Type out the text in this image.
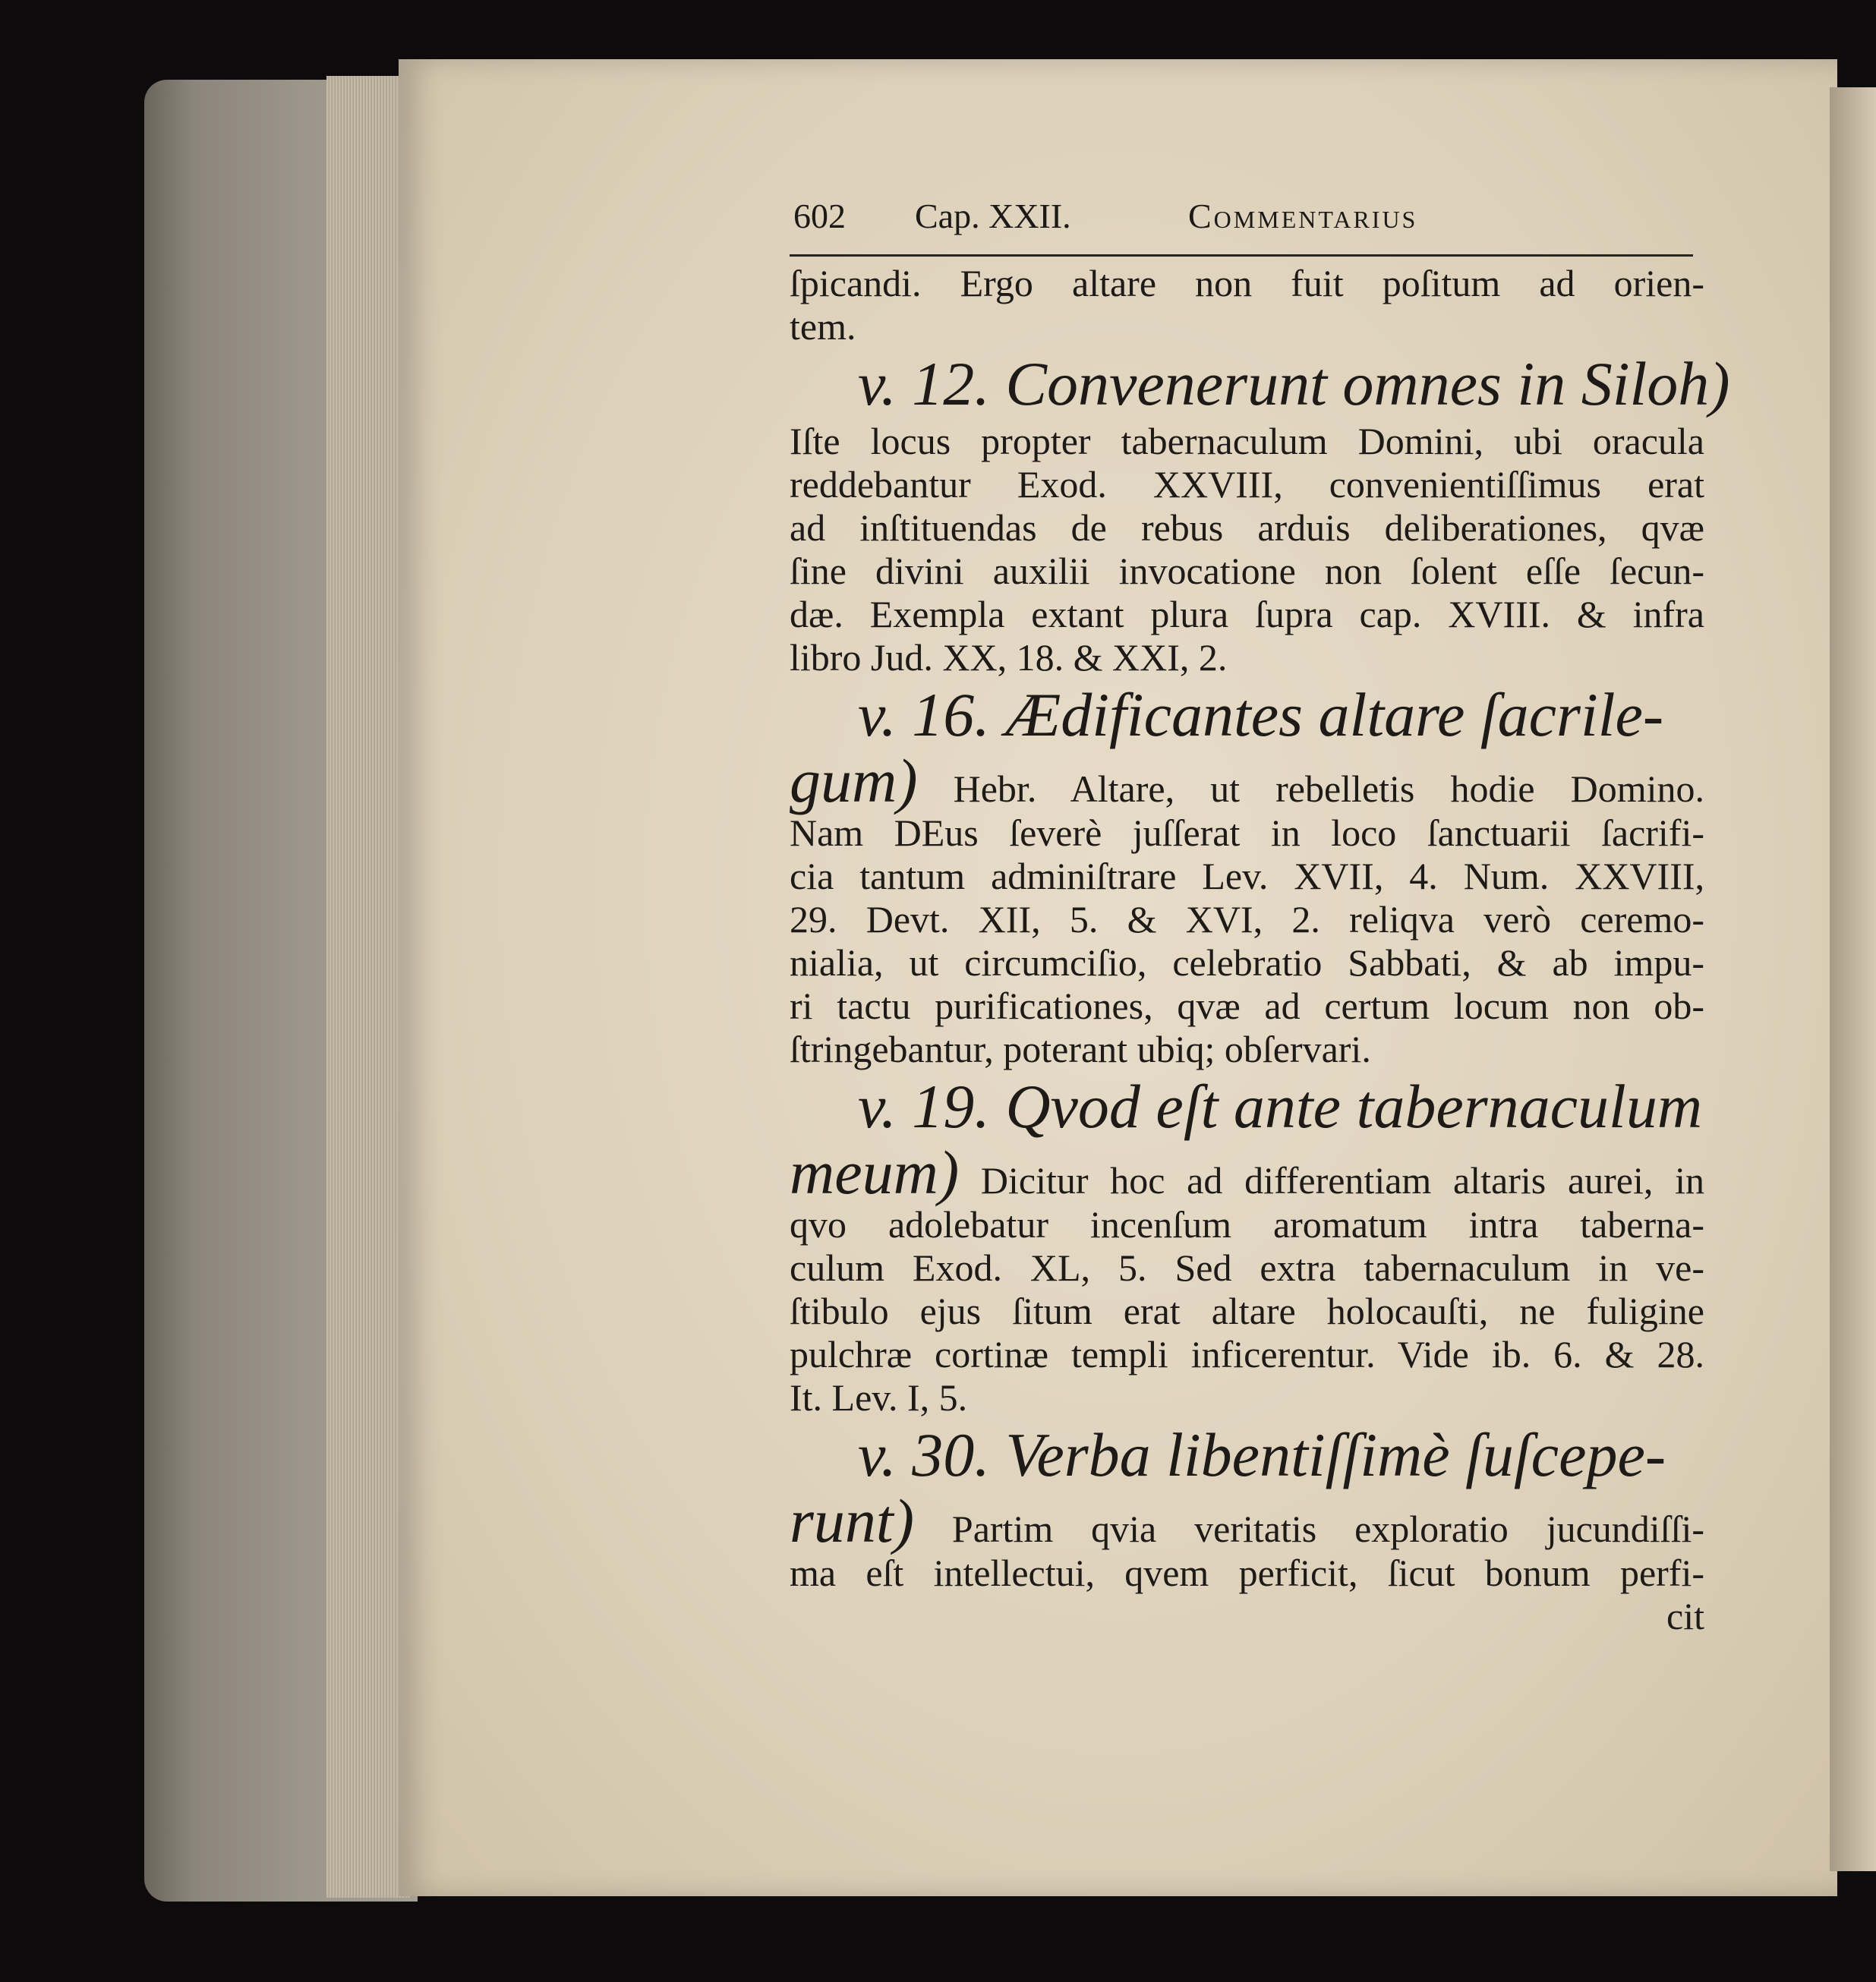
602 Cap. XXII.	Commentarius
ſpicandi. Ergo altare non fuit poſitum ad orien-
tem.
v. 12. Convenerunt omnes in Siloh)
Iſte locus propter tabernaculum Domini, ubi oracula
reddebantur Exod. XXVIII, convenientiſſimus erat
ad inſtituendas de rebus arduis deliberationes, qvæ
ſine divini auxilii invocatione non ſolent eſſe ſecun-
dæ. Exempla extant plura ſupra cap. XVIII. & infra
libro Jud. XX, 18. & XXI, 2.
v. 16. Ædificantes altare ſacrile-
gum) Hebr. Altare, ut rebelletis hodie Domino.
Nam DEus ſeverè juſſerat in loco ſanctuarii ſacrifi-
cia tantum adminiſtrare Lev. XVII, 4. Num. XXVIII,
29. Devt. XII, 5. & XVI, 2. reliqva verò ceremo-
nialia, ut circumciſio, celebratio Sabbati, & ab impu-
ri tactu purificationes, qvæ ad certum locum non ob-
ſtringebantur, poterant ubiq; obſervari.
v. 19. Qvod eſt ante tabernaculum
meum) Dicitur hoc ad differentiam altaris aurei, in
qvo adolebatur incenſum aromatum intra taberna-
culum Exod. XL, 5. Sed extra tabernaculum in ve-
ſtibulo ejus ſitum erat altare holocauſti, ne fuligine
pulchræ cortinæ templi inficerentur. Vide ib. 6. & 28.
It. Lev. I, 5.
v. 30. Verba libentiſſimè ſuſcepe-
runt) Partim qvia veritatis exploratio jucundiſſi-
ma eſt intellectui, qvem perficit, ſicut bonum perfi-
cit
